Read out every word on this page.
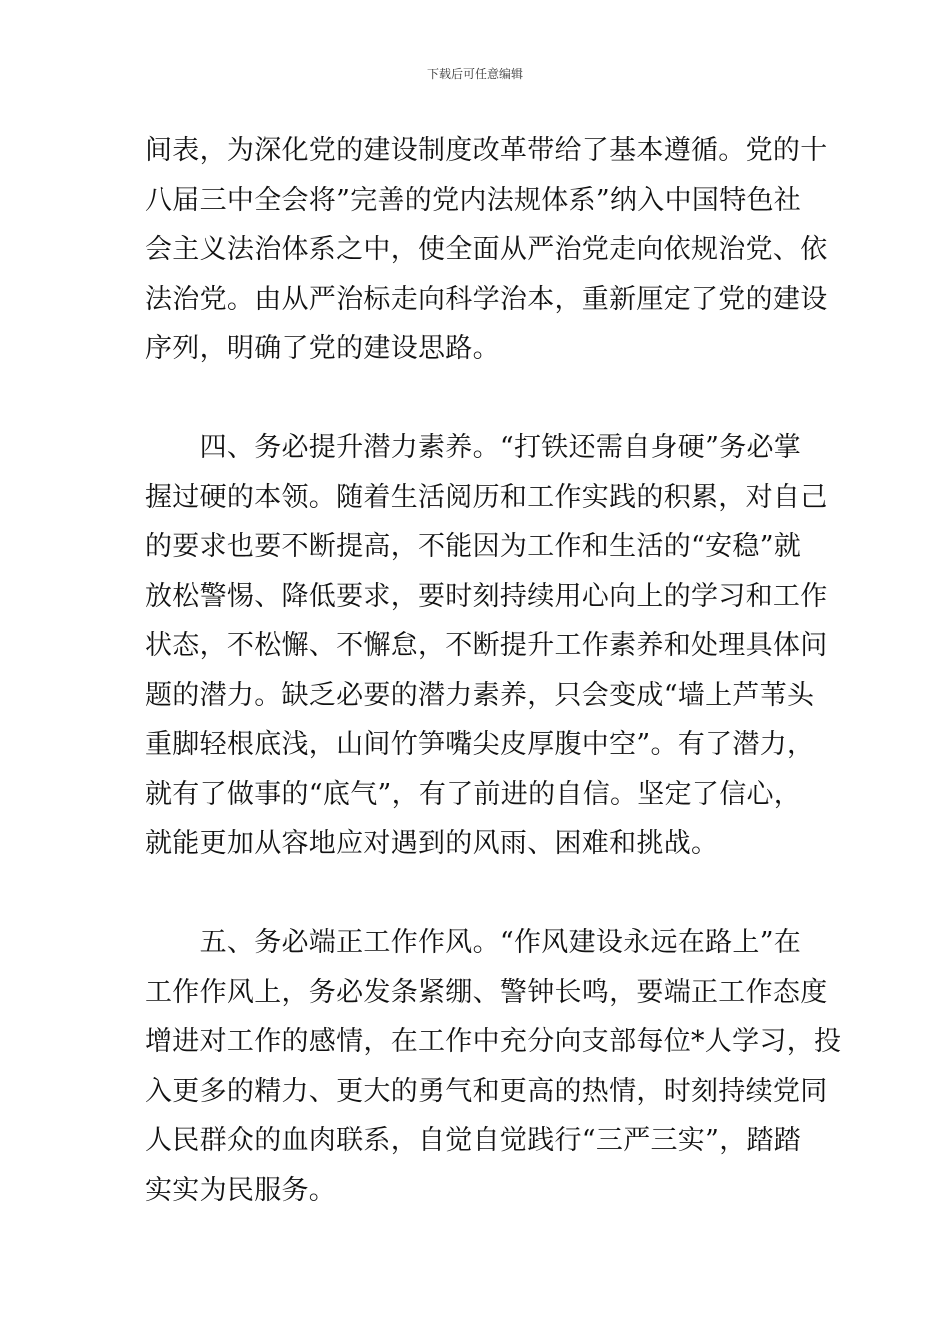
下载后可任意编辑
间表，为深化党的建设制度改革带给了基本遵循。党的十
八届三中全会将”完善的党内法规体系”纳入中国特色社
会主义法治体系之中，使全面从严治党走向依规治党、依
法治党。由从严治标走向科学治本，重新厘定了党的建设
序列，明确了党的建设思路。
　　四、务必提升潜力素养。“打铁还需自身硬”务必掌
握过硬的本领。随着生活阅历和工作实践的积累，对自己
的要求也要不断提高，不能因为工作和生活的“安稳”就
放松警惕、降低要求，要时刻持续用心向上的学习和工作
状态，不松懈、不懈怠，不断提升工作素养和处理具体问
题的潜力。缺乏必要的潜力素养，只会变成“墙上芦苇头
重脚轻根底浅，山间竹笋嘴尖皮厚腹中空”。有了潜力，
就有了做事的“底气”，有了前进的自信。坚定了信心，
就能更加从容地应对遇到的风雨、困难和挑战。
　　五、务必端正工作作风。“作风建设永远在路上”在
工作作风上，务必发条紧绷、警钟长鸣，要端正工作态度
增进对工作的感情，在工作中充分向支部每位*人学习，投
入更多的精力、更大的勇气和更高的热情，时刻持续党同
人民群众的血肉联系，自觉自觉践行“三严三实”，踏踏
实实为民服务。
